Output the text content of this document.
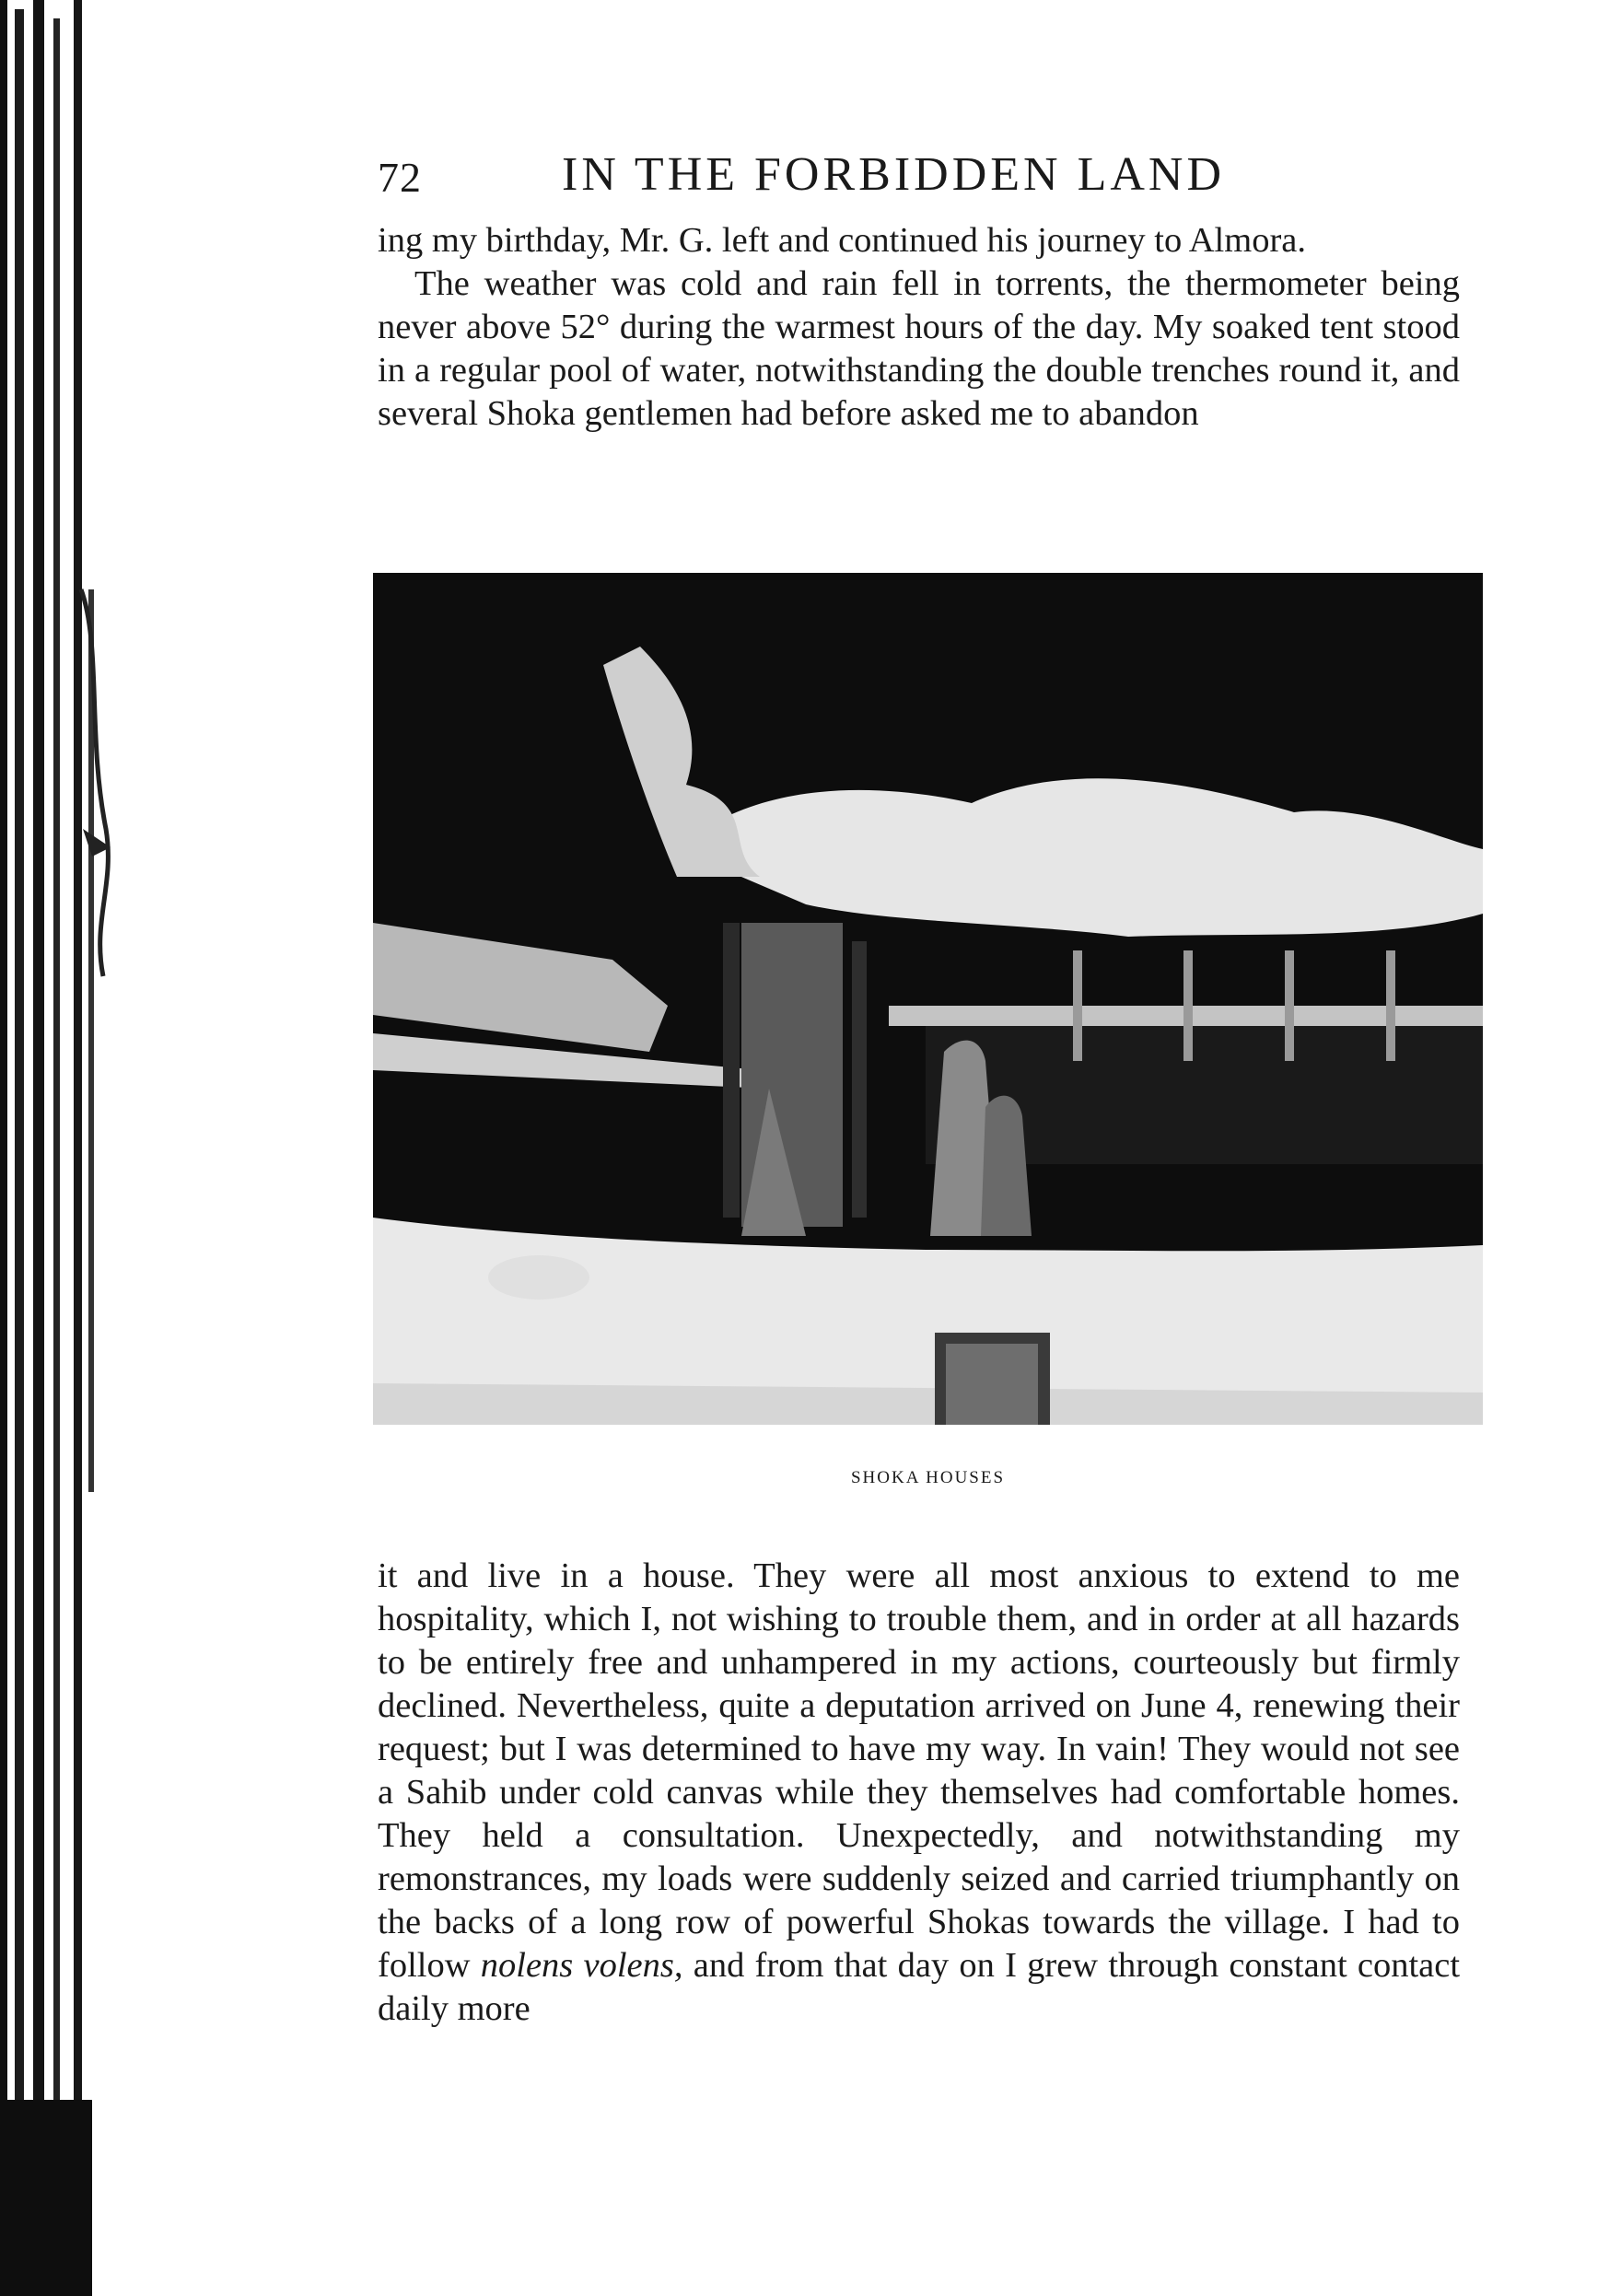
72	IN THE FORBIDDEN LAND

ing my birthday, Mr. G. left and continued his journey to Almora.

The weather was cold and rain fell in torrents, the thermometer being never above 52° during the warmest hours of the day. My soaked tent stood in a regular pool of water, notwithstanding the double trenches round it, and several Shoka gentlemen had before asked me to abandon

SHOKA HOUSES

it and live in a house. They were all most anxious to extend to me hospitality, which I, not wishing to trouble them, and in order at all hazards to be entirely free and unhampered in my actions, courteously but firmly declined. Nevertheless, quite a deputation arrived on June 4, renewing their request; but I was determined to have my way. In vain! They would not see a Sahib under cold canvas while they themselves had comfortable homes. They held a consultation. Unexpectedly, and notwithstanding my remonstrances, my loads were suddenly seized and carried triumphantly on the backs of a long row of powerful Shokas towards the village. I had to follow nolens volens, and from that day on I grew through constant contact daily more
